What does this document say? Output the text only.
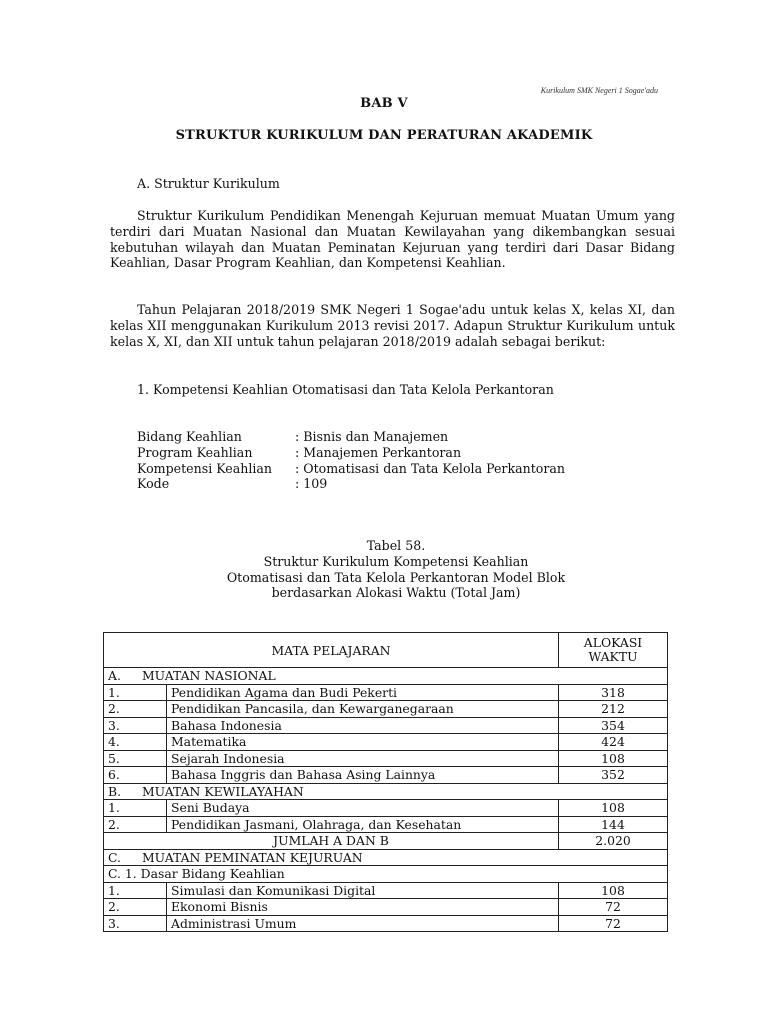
Kurikulum SMK Negeri 1 Sogae'adu
BAB V
STRUKTUR KURIKULUM DAN PERATURAN AKADEMIK
A. Struktur Kurikulum
Struktur Kurikulum Pendidikan Menengah Kejuruan memuat Muatan Umum yang terdiri dari Muatan Nasional dan Muatan Kewilayahan yang dikembangkan sesuai kebutuhan wilayah dan Muatan Peminatan Kejuruan yang terdiri dari Dasar Bidang Keahlian, Dasar Program Keahlian, dan Kompetensi Keahlian.
Tahun Pelajaran 2018/2019 SMK Negeri 1 Sogae'adu untuk kelas X, kelas XI, dan kelas XII menggunakan Kurikulum 2013 revisi 2017. Adapun Struktur Kurikulum untuk kelas X, XI, dan XII untuk tahun pelajaran 2018/2019 adalah sebagai berikut:
1. Kompetensi Keahlian Otomatisasi dan Tata Kelola Perkantoran
Bidang Keahlian	: Bisnis dan Manajemen
Program Keahlian	: Manajemen Perkantoran
Kompetensi Keahlian	: Otomatisasi dan Tata Kelola Perkantoran
Kode	: 109
Tabel 58.
Struktur Kurikulum Kompetensi Keahlian
Otomatisasi dan Tata Kelola Perkantoran Model Blok
berdasarkan Alokasi Waktu (Total Jam)
MATA PELAJARAN		ALOKASI
WAKTU

A. MUATAN NASIONAL		
1.	Pendidikan Agama dan Budi Pekerti	318
2.	Pendidikan Pancasila, dan Kewarganegaraan	212
3.	Bahasa Indonesia	354
4.	Matematika	424
5.	Sejarah Indonesia	108
6.	Bahasa Inggris dan Bahasa Asing Lainnya	352
B. MUATAN KEWILAYAHAN		
1.	Seni Budaya	108
2.	Pendidikan Jasmani, Olahraga, dan Kesehatan	144
JUMLAH A DAN B		2.020
C. MUATAN PEMINATAN KEJURUAN		
C. 1. Dasar Bidang Keahlian		
1.	Simulasi dan Komunikasi Digital	108
2.	Ekonomi Bisnis	72
3.	Administrasi Umum	72
